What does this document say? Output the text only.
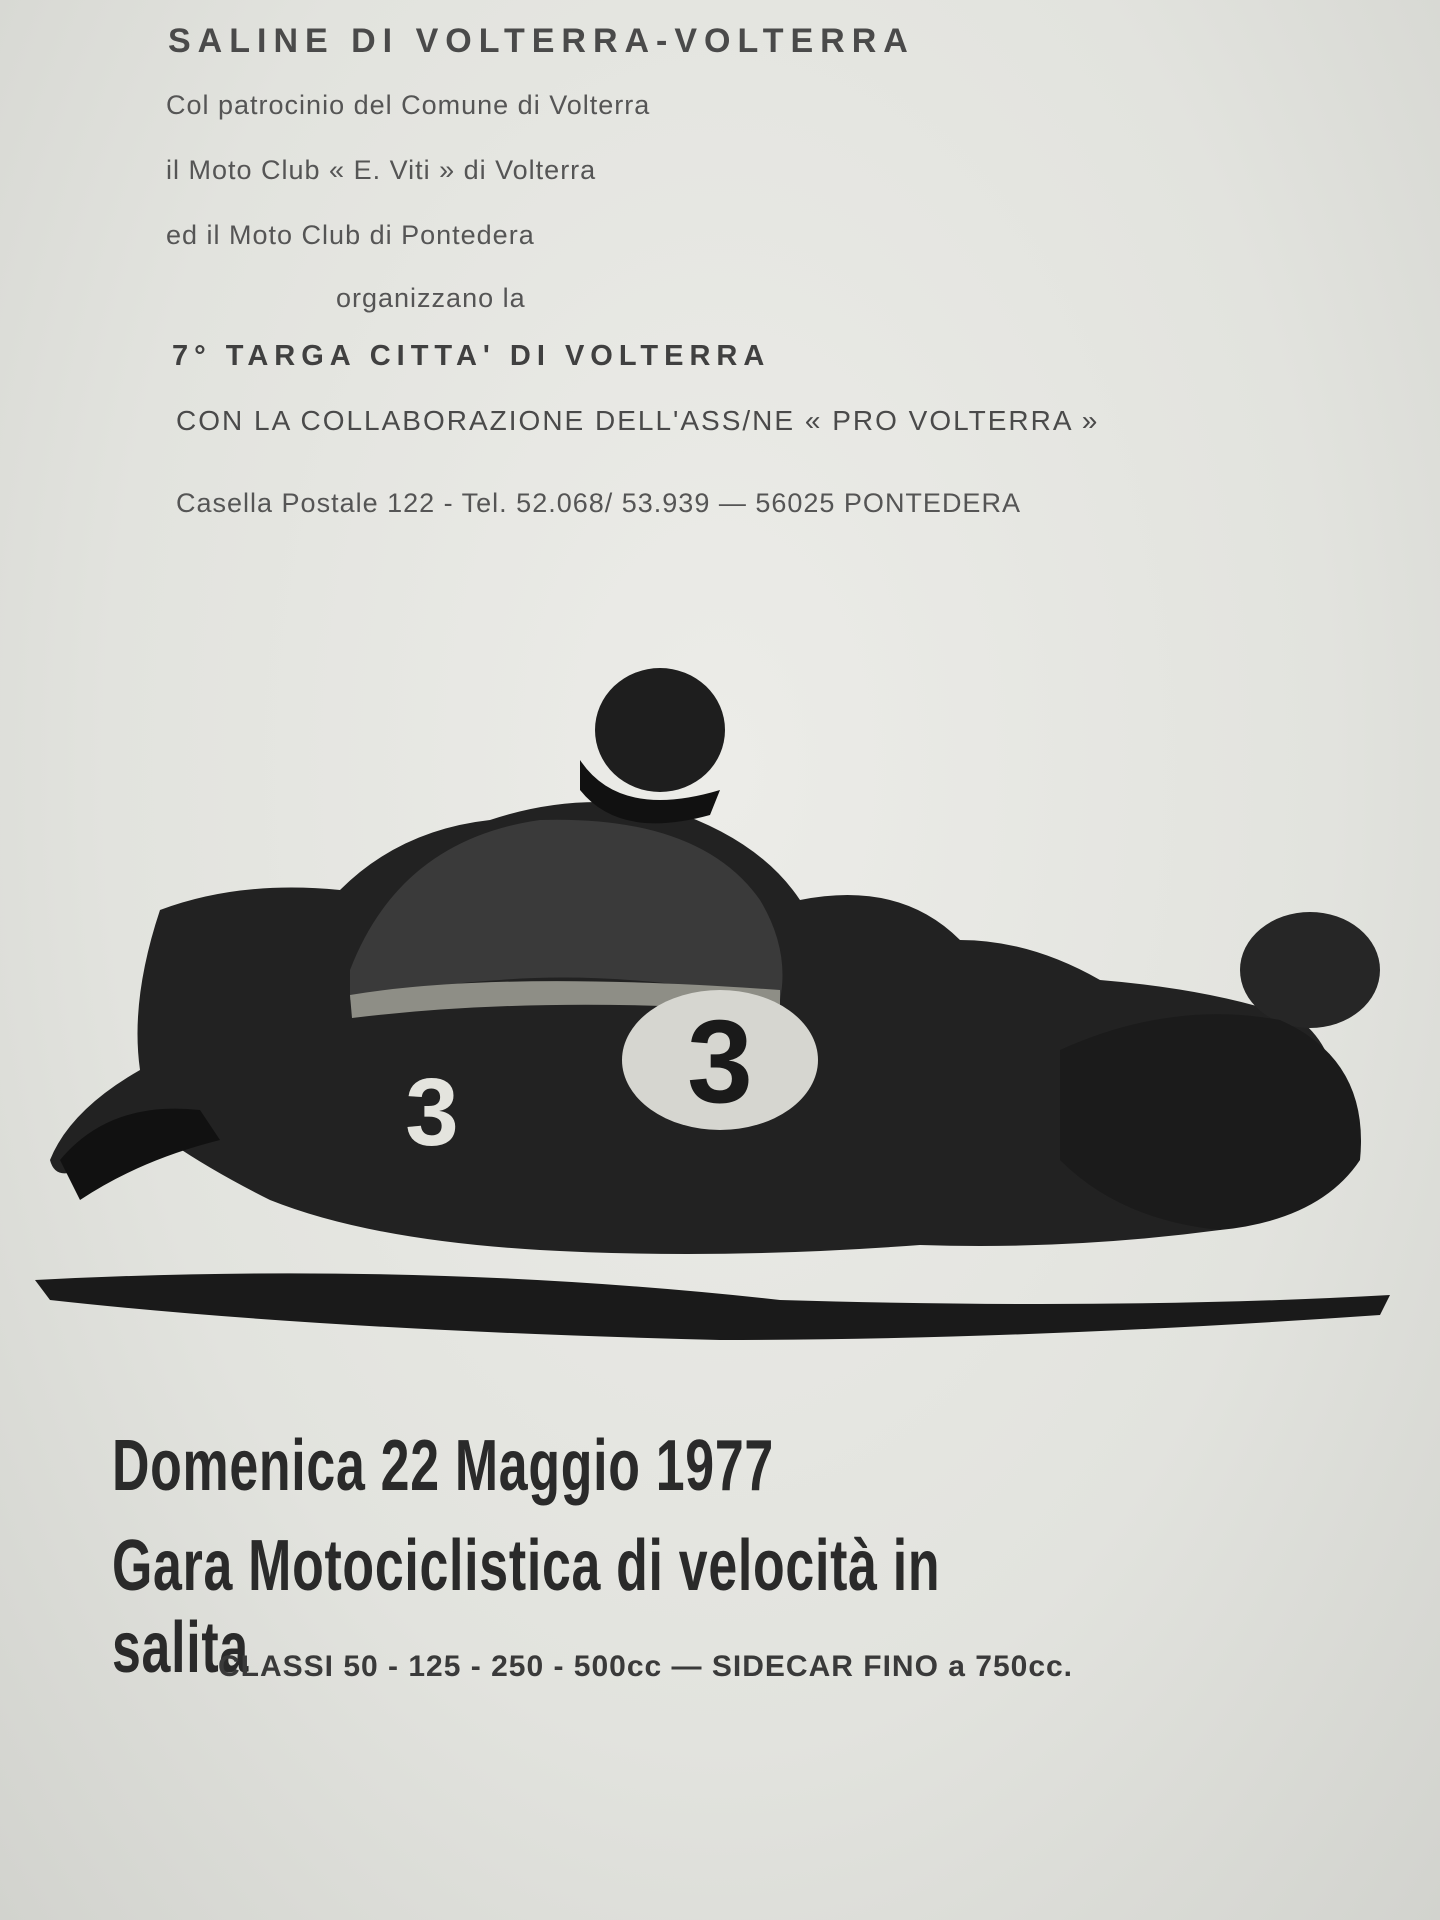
SALINE DI VOLTERRA-VOLTERRA
Col patrocinio del Comune di Volterra
il Moto Club « E. Viti » di Volterra
ed il Moto Club di Pontedera
organizzano la
7° TARGA CITTA' DI VOLTERRA
CON LA COLLABORAZIONE DELL'ASS/NE « PRO VOLTERRA »
Casella Postale 122 - Tel. 52.068/ 53.939 — 56025 PONTEDERA
3
3
Domenica 22 Maggio 1977
Gara Motociclistica di velocità in salita
CLASSI 50 - 125 - 250 - 500cc — SIDECAR FINO a 750cc.
